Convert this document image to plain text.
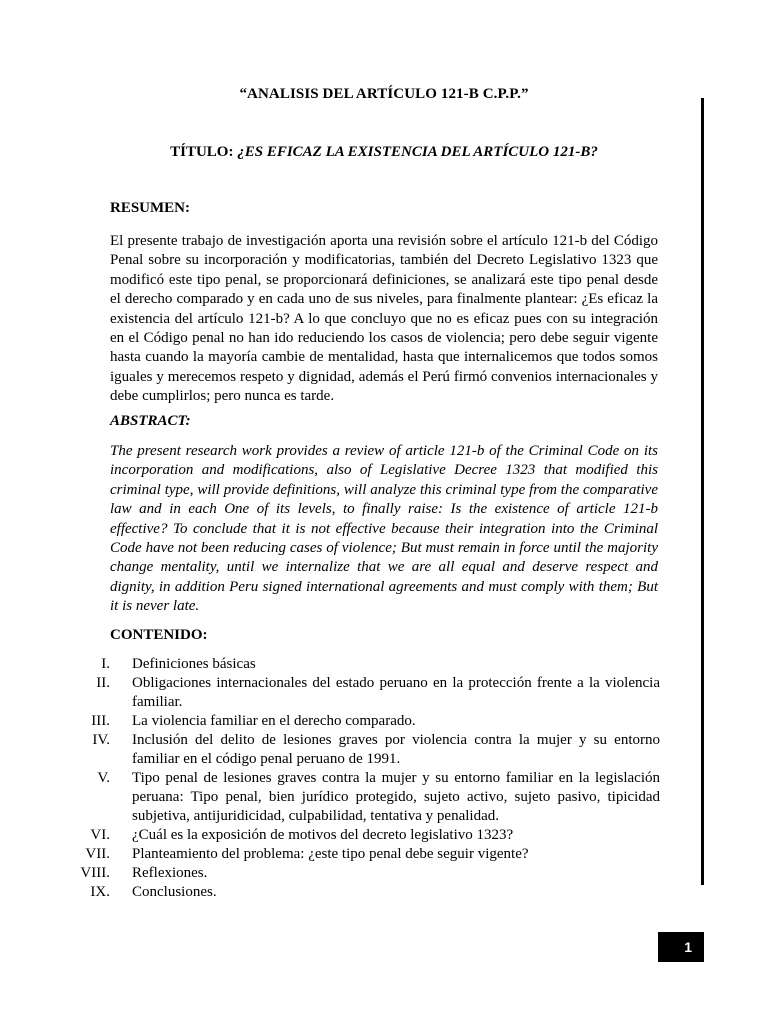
“ANALISIS DEL ARTÍCULO 121-B C.P.P.”
TÍTULO: ¿ES EFICAZ LA EXISTENCIA DEL ARTÍCULO 121-B?
RESUMEN:

El presente trabajo de investigación aporta una revisión sobre el artículo 121-b del Código Penal sobre su incorporación y modificatorias, también del Decreto Legislativo 1323 que modificó este tipo penal, se proporcionará definiciones, se analizará este tipo penal desde el derecho comparado y en cada uno de sus niveles, para finalmente plantear: ¿Es eficaz la existencia del artículo 121-b? A lo que concluyo que no es eficaz pues con su integración en el Código penal no han ido reduciendo los casos de violencia; pero debe seguir vigente hasta cuando la mayoría cambie de mentalidad, hasta que internalicemos que todos somos iguales y merecemos respeto y dignidad, además el Perú firmó convenios internacionales y debe cumplirlos; pero nunca es tarde.

ABSTRACT:

The present research work provides a review of article 121-b of the Criminal Code on its incorporation and modifications, also of Legislative Decree 1323 that modified this criminal type, will provide definitions, will analyze this criminal type from the comparative law and in each One of its levels, to finally raise: Is the existence of article 121-b effective? To conclude that it is not effective because their integration into the Criminal Code have not been reducing cases of violence; But must remain in force until the majority change mentality, until we internalize that we are all equal and deserve respect and dignity, in addition Peru signed international agreements and must comply with them; But it is never late.

CONTENIDO:
I.	Definiciones básicas
II.	Obligaciones internacionales del estado peruano en la protección frente a la violencia familiar.
III.	La violencia familiar en el derecho comparado.
IV.	Inclusión del delito de lesiones graves por violencia contra la mujer y su entorno familiar en el código penal peruano de 1991.
V.	Tipo penal de lesiones graves contra la mujer y su entorno familiar en la legislación peruana: Tipo penal, bien jurídico protegido, sujeto activo, sujeto pasivo, tipicidad subjetiva, antijuridicidad, culpabilidad, tentativa y penalidad.
VI.	¿Cuál es la exposición de motivos del decreto legislativo 1323?
VII.	Planteamiento del problema: ¿este tipo penal debe seguir vigente?
VIII.	Reflexiones.
IX.	Conclusiones.
1
